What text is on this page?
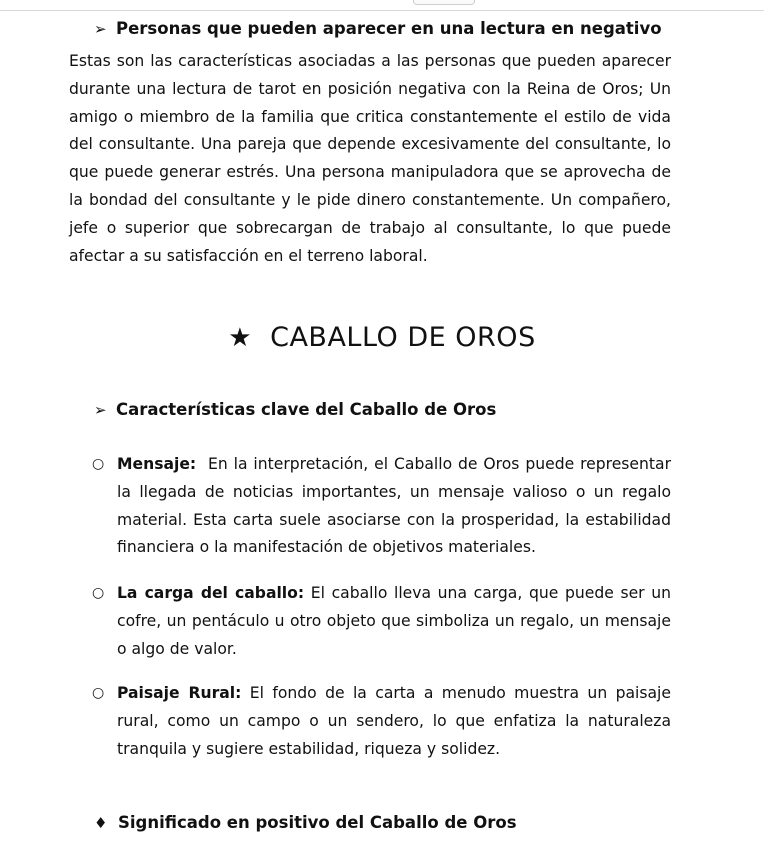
➢ Personas que pueden aparecer en una lectura en negativo

Estas son las características asociadas a las personas que pueden aparecer durante una lectura de tarot en posición negativa con la Reina de Oros; Un amigo o miembro de la familia que critica constantemente el estilo de vida del consultante. Una pareja que depende excesivamente del consultante, lo que puede generar estrés. Una persona manipuladora que se aprovecha de la bondad del consultante y le pide dinero constantemente. Un compañero, jefe o superior que sobrecargan de trabajo al consultante, lo que puede afectar a su satisfacción en el terreno laboral.

★ CABALLO DE OROS
➢ Características clave del Caballo de Oros
○ Mensaje: En la interpretación, el Caballo de Oros puede representar la llegada de noticias importantes, un mensaje valioso o un regalo material. Esta carta suele asociarse con la prosperidad, la estabilidad financiera o la manifestación de objetivos materiales.

○ La carga del caballo: El caballo lleva una carga, que puede ser un cofre, un pentáculo u otro objeto que simboliza un regalo, un mensaje o algo de valor.

○ Paisaje Rural: El fondo de la carta a menudo muestra un paisaje rural, como un campo o un sendero, lo que enfatiza la naturaleza tranquila y sugiere estabilidad, riqueza y solidez.

♦ Significado en positivo del Caballo de Oros
